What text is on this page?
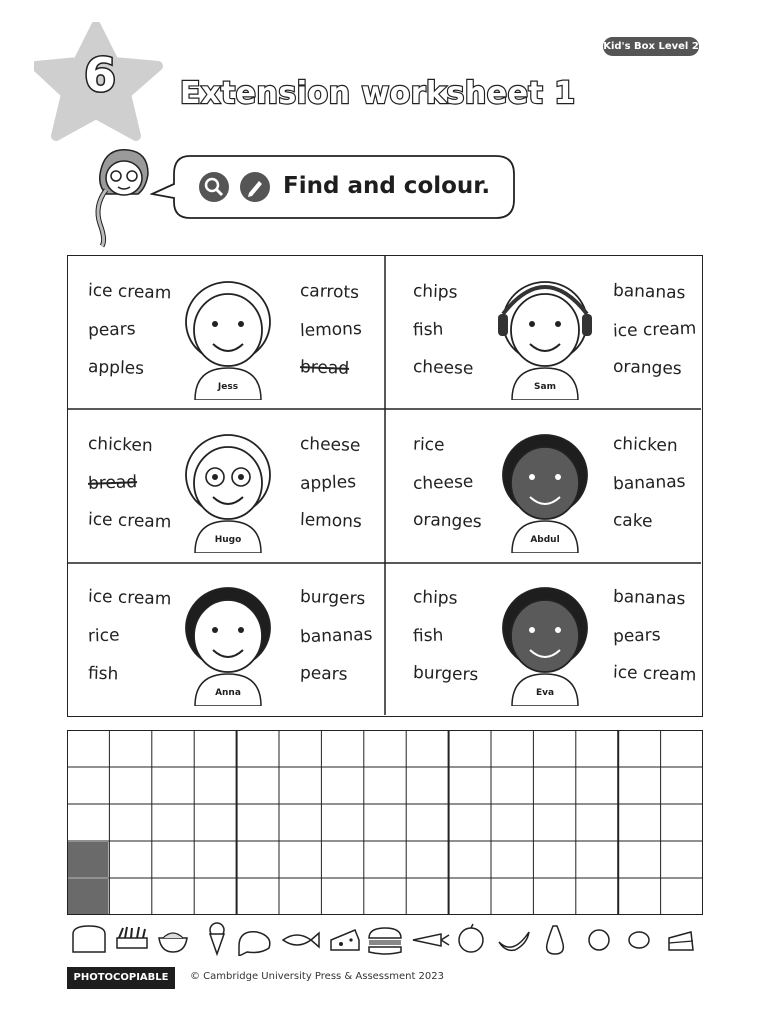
6 Extension worksheet 1
Kid's Box Level 2
Find and colour.
ice cream
pears
apples
carrots
lemons
bread
Jess
chips
fish
cheese
bananas
ice cream
oranges
Sam
chicken
bread
ice cream
cheese
apples
lemons
Hugo
rice
cheese
oranges
chicken
bananas
cake
Abdul
ice cream
rice
fish
burgers
bananas
pears
Anna
chips
fish
burgers
bananas
pears
ice cream
Eva
PHOTOCOPIABLE	© Cambridge University Press & Assessment 2023
